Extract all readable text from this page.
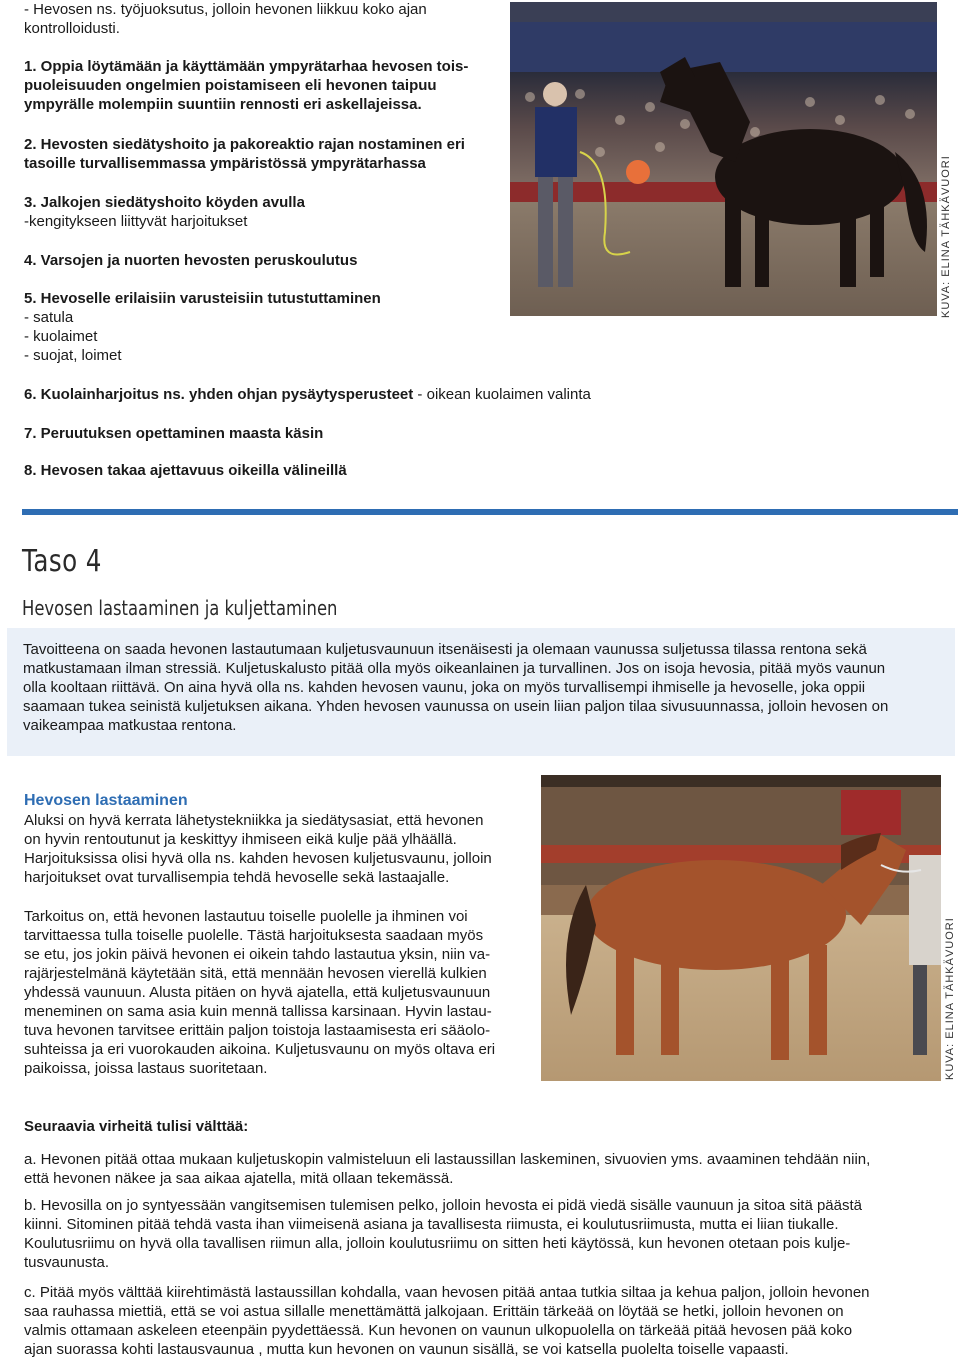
- Hevosen ns. työjuoksutus, jolloin hevonen liikkuu koko ajan
kontrolloidusti.
1. Oppia löytämään ja käyttämään ympyrätarhaa hevosen tois-
puoleisuuden ongelmien poistamiseen eli hevonen taipuu
ympyrälle molempiin suuntiin rennosti eri askellajeissa.
2. Hevosten siedätyshoito ja pakoreaktio rajan nostaminen eri
tasoille turvallisemmassa ympäristössä ympyrätarhassa
3. Jalkojen siedätyshoito köyden avulla
-kengitykseen liittyvät harjoitukset
4. Varsojen ja nuorten hevosten peruskoulutus
5. Hevoselle erilaisiin varusteisiin tutustuttaminen
- satula
- kuolaimet
- suojat, loimet
6. Kuolainharjoitus ns. yhden ohjan pysäytysperusteet - oikean kuolaimen valinta
7. Peruutuksen opettaminen maasta käsin
8. Hevosen takaa ajettavuus oikeilla välineillä
KUVA: ELINA TÄHKÄVUORI
Taso 4
Hevosen lastaaminen ja kuljettaminen
Tavoitteena on saada hevonen lastautumaan kuljetusvaunuun itsenäisesti ja olemaan vaunussa suljetussa tilassa rentona sekä
matkustamaan ilman stressiä. Kuljetuskalusto pitää olla myös oikeanlainen ja turvallinen. Jos on isoja hevosia, pitää myös vaunun
olla kooltaan riittävä. On aina hyvä olla ns. kahden hevosen vaunu, joka on myös turvallisempi ihmiselle ja hevoselle, joka oppii
saamaan tukea seinistä kuljetuksen aikana. Yhden hevosen vaunussa on usein liian paljon tilaa sivusuunnassa, jolloin hevosen on
vaikeampaa matkustaa rentona.
Hevosen lastaaminen
Aluksi on hyvä kerrata lähetystekniikka ja siedätysasiat, että hevonen
on hyvin rentoutunut ja keskittyy ihmiseen eikä kulje pää ylhäällä.
Harjoituksissa olisi hyvä olla ns. kahden hevosen kuljetusvaunu, jolloin
harjoitukset ovat turvallisempia tehdä hevoselle sekä lastaajalle.
Tarkoitus on, että hevonen lastautuu toiselle puolelle ja ihminen voi
tarvittaessa tulla toiselle puolelle. Tästä harjoituksesta saadaan myös
se etu, jos jokin päivä hevonen ei oikein tahdo lastautua yksin, niin va-
rajärjestelmänä käytetään sitä, että mennään hevosen vierellä kulkien
yhdessä vaunuun. Alusta pitäen on hyvä ajatella, että kuljetusvaunuun
meneminen on sama asia kuin mennä tallissa karsinaan. Hyvin lastau-
tuva hevonen tarvitsee erittäin paljon toistoja lastaamisesta eri sääolo-
suhteissa ja eri vuorokauden aikoina. Kuljetusvaunu on myös oltava eri
paikoissa, joissa lastaus suoritetaan.	KUVA: ELINA TÄHKÄVUORI
Seuraavia virheitä tulisi välttää:
a. Hevonen pitää ottaa mukaan kuljetuskopin valmisteluun eli lastaussillan laskeminen, sivuovien yms. avaaminen tehdään niin,
että hevonen näkee ja saa aikaa ajatella, mitä ollaan tekemässä.
b. Hevosilla on jo syntyessään vangitsemisen tulemisen pelko, jolloin hevosta ei pidä viedä sisälle vaunuun ja sitoa sitä päästä
kiinni. Sitominen pitää tehdä vasta ihan viimeisenä asiana ja tavallisesta riimusta, ei koulutusriimusta, mutta ei liian tiukalle.
Koulutusriimu on hyvä olla tavallisen riimun alla, jolloin koulutusriimu on sitten heti käytössä, kun hevonen otetaan pois kulje-
tusvaunusta.
c. Pitää myös välttää kiirehtimästä lastaussillan kohdalla, vaan hevosen pitää antaa tutkia siltaa ja kehua paljon, jolloin hevonen
saa rauhassa miettiä, että se voi astua sillalle menettämättä jalkojaan. Erittäin tärkeää on löytää se hetki, jolloin hevonen on
valmis ottamaan askeleen eteenpäin pyydettäessä. Kun hevonen on vaunun ulkopuolella on tärkeää pitää hevosen pää koko
ajan suorassa kohti lastausvaunua , mutta kun hevonen on vaunun sisällä, se voi katsella puolelta toiselle vapaasti.
